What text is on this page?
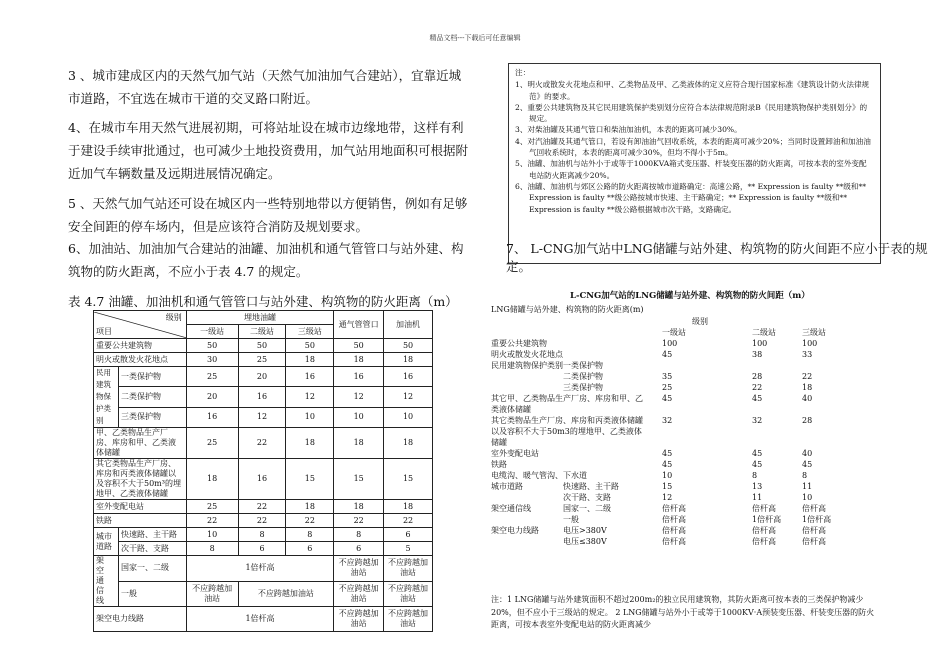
精品文档---下载后可任意编辑

3 、城市建成区内的天然气加气站（天然气加油加气合建站），宜靠近城市道路，不宜选在城市干道的交叉路口附近。

4、在城市车用天然气进展初期，可将站址设在城市边缘地带，这样有利于建设手续审批通过，也可减少土地投资费用，加气站用地面积可根据附近加气车辆数量及远期进展情况确定。

5 、天然气加气站还可设在城区内一些特别地带以方便销售，例如有足够安全间距的停车场内，但是应该符合消防及规划要求。

6、加油站、加油加气合建站的油罐、加油机和通气管管口与站外建、构筑物的防火距离，不应小于表 4.7 的规定。

表 4.7 油罐、加油机和通气管管口与站外建、构筑物的防火距离（m）
级别
项目		埋地油罐			通气管管口	加油机
		一级站	二级站	三级站		
重要公共建筑物		50	50	50	50	50
明火或散发火花地点		30	25	18	18	18
民用建筑物保护类别	一类保护物	25	20	16	16	16
	二类保护物	20	16	12	12	12
	三类保护物	16	12	10	10	10
甲、乙类物品生产厂房、库房和甲、乙类液体储罐		25	22	18	18	18
其它类物品生产厂房、库房和丙类液体储罐以及容积不大于50m³的埋地甲、乙类液体储罐		18	16	15	15	15
室外变配电站		25	22	18	18	18
铁路		22	22	22	22	22
城市道路	快速路、主干路	10	8	8	8	6
	次干路、支路	8	6	6	6	5
架空通信线	国家一、二级	1倍杆高			不应跨越加油站	不应跨越加油站
	一般	不应跨越加油站	不应跨越加油站		不应跨越加油站	不应跨越加油站
架空电力线路		1倍杆高			不应跨越加油站	不应跨越加油站
注：
1、明火或散发火花地点和甲、乙类物品及甲、乙类液体的定义应符合现行国家标准《建筑设计防火法律规范》的要求。
2、重要公共建筑物及其它民用建筑保护类别划分应符合本法律规范附录B《民用建筑物保护类别划分》的规定。
3、对柴油罐及其通气管口和柴油加油机，本表的距离可减少30%。
4、对汽油罐及其通气管口，若设有卸油油气回收系统，本表的距离可减少20%；当同时设置卸油和加油油气回收系统时，本表的距离可减少30%，但均不得小于5m。
5、油罐、加油机与站外小于或等于1000KVA箱式变压器、杆装变压器的防火距离，可按本表的室外变配电站防火距离减少20%。
6、油罐、加油机与郊区公路的防火距离按城市道路确定：高速公路，** Expression is faulty **级和** Expression is faulty **级公路按城市快速、主干路确定；** Expression is faulty **级和** Expression is faulty **级公路根据城市次干路，支路确定。
7、 L-CNG加气站中LNG储罐与站外建、构筑物的防火间距不应小于表的规定。
L-CNG加气站的LNG储罐与站外建、构筑物的防火间距（m）
LNG储罐与站外建、构筑物的防火距离(m)
		级别		
		一级站	二级站	三级站
重要公共建筑物		100	100	100
明火或散发火花地点		45	38	33
民用建筑物保护类别	一类保护物			
	二类保护物	35	28	22
	三类保护物	25	22	18
其它甲、乙类物品生产厂房、库房和甲、乙		45	45	40
类液体储罐				
其它类物品生产厂房、库房和丙类液体储罐		32	32	28
以及容积不大于50m3的埋地甲、乙类液体				
储罐				
室外变配电站		45	45	40
铁路		45	45	45
电缆沟、暖气管沟、下水道		10	8	8
城市道路	快速路、主干路	15	13	11
	次干路、支路	12	11	10
架空通信线	国家一、二级	倍杆高	倍杆高	倍杆高
	一般	倍杆高	1倍杆高	1倍杆高
架空电力线路	电压>380V	倍杆高	倍杆高	倍杆高
	电压≤380V	倍杆高	倍杆高	倍杆高

注：1 LNG储罐与站外建筑面积不超过200m₂的独立民用建筑物，其防火距离可按本表的三类保护物减少20%，但不应小于三级站的规定。 2 LNG储罐与站外小于或等于1000KV·A预装变压器、杆装变压器的防火距离，可按本表室外变配电站的防火距离减少
